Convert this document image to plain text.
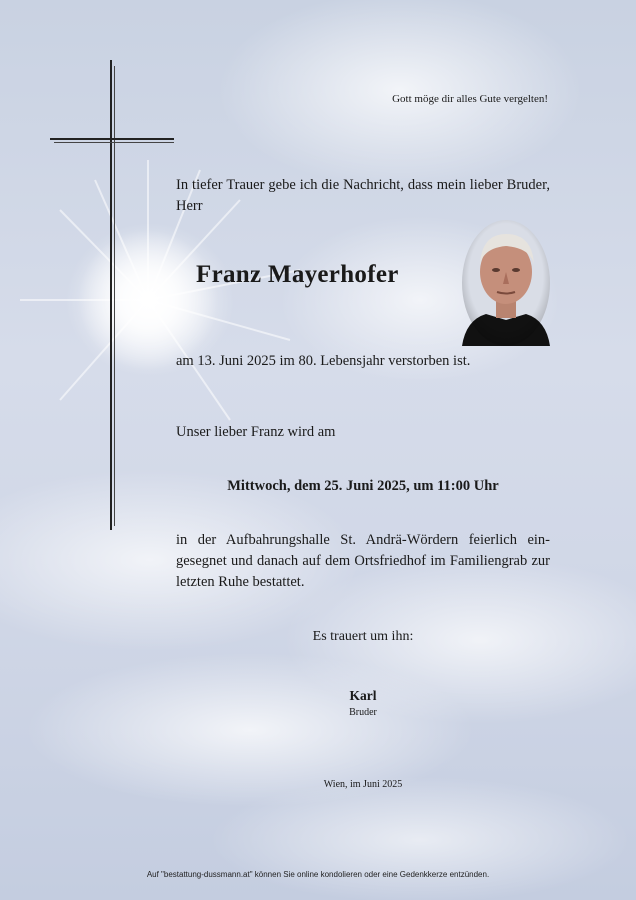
Gott möge dir alles Gute vergelten!
In tiefer Trauer gebe ich die Nachricht, dass mein lieber Bruder, Herr
Franz Mayerhofer
am 13. Juni 2025 im 80. Lebensjahr verstorben ist.
Unser lieber Franz wird am
Mittwoch, dem 25. Juni 2025, um 11:00 Uhr
in der Aufbahrungshalle St. Andrä-Wördern feierlich ein-gesegnet und danach auf dem Ortsfriedhof im Familiengrab zur letzten Ruhe bestattet.
Es trauert um ihn:
Karl
Bruder
Wien, im Juni 2025
Auf "bestattung-dussmann.at" können Sie online kondolieren oder eine Gedenkkerze entzünden.
